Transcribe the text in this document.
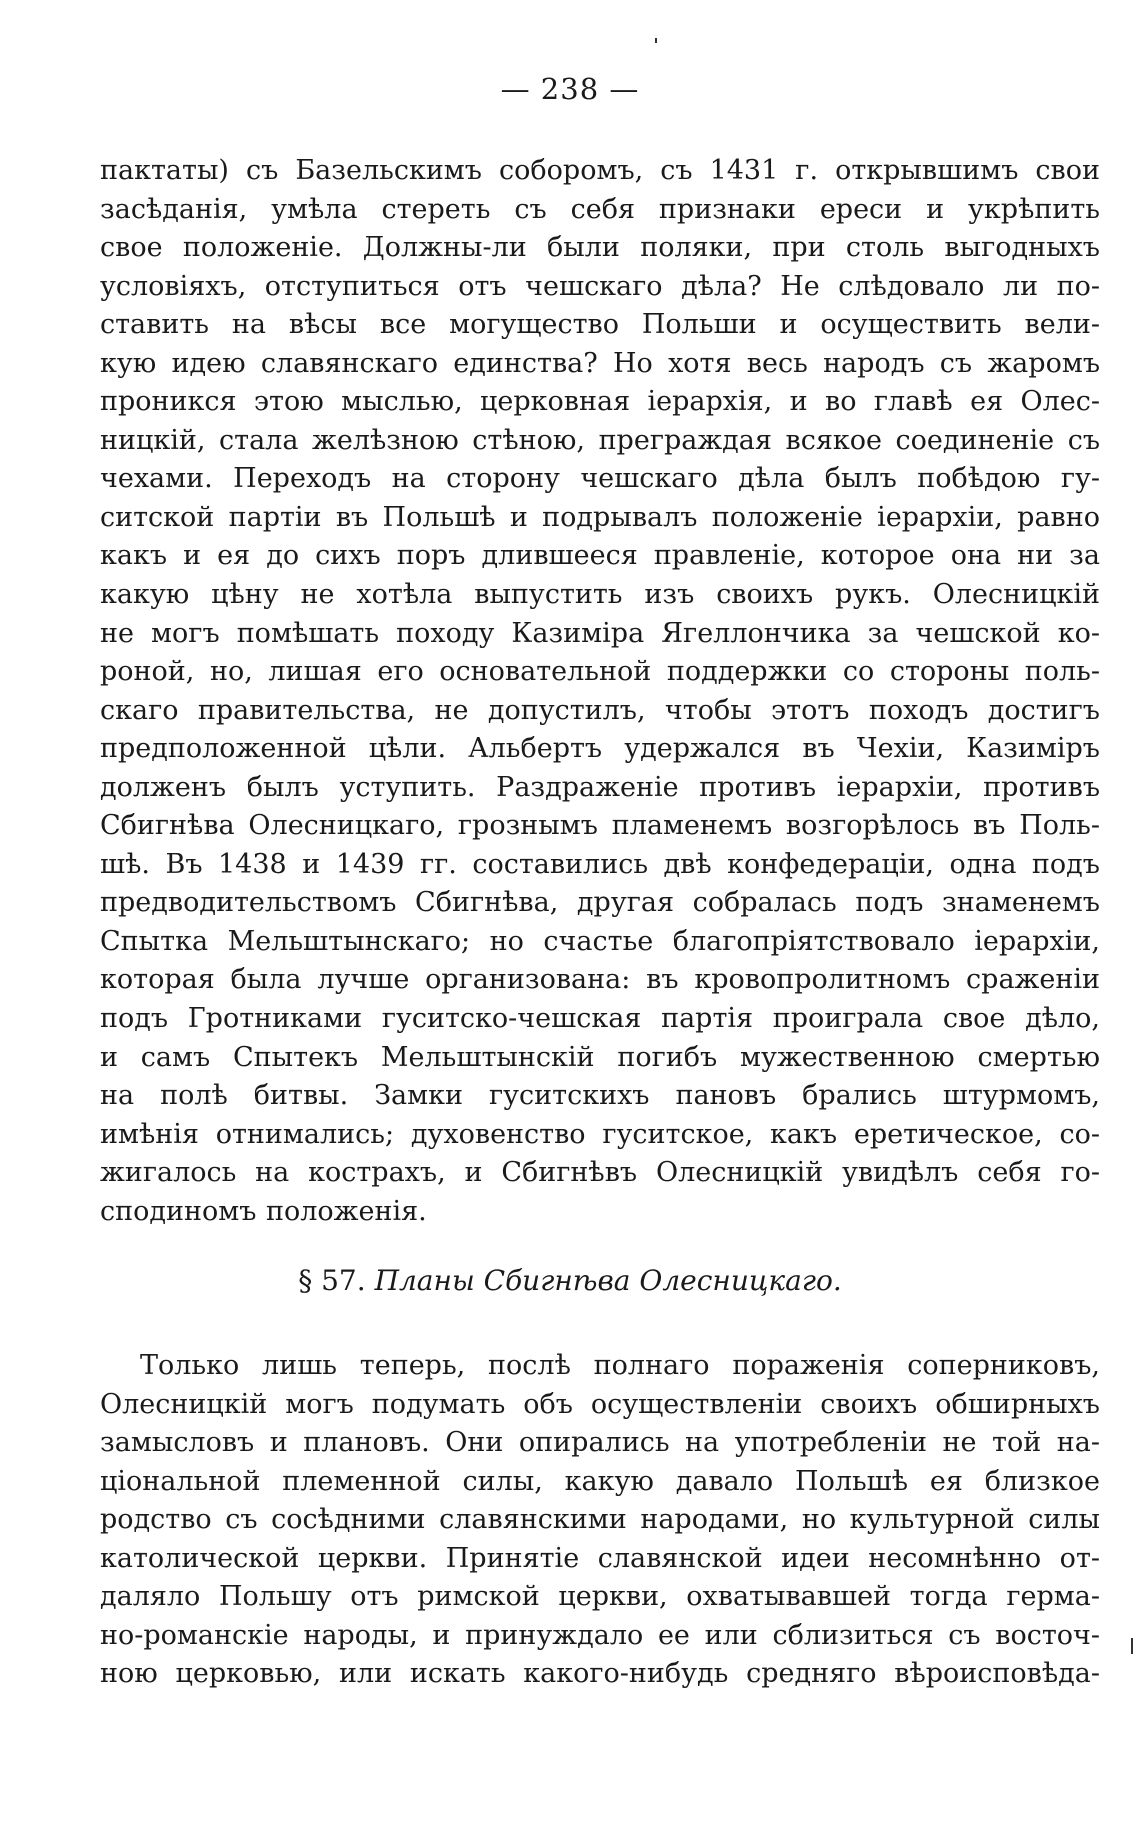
— 238 —
пактаты) съ Базельскимъ соборомъ, съ 1431 г. открывшимъ свои
засѣданія, умѣла стереть съ себя признаки ереси и укрѣпить
свое положеніе. Должны-ли были поляки, при столь выгодныхъ
условіяхъ, отступиться отъ чешскаго дѣла? Не слѣдовало ли по-
ставить на вѣсы все могущество Польши и осуществить вели-
кую идею славянскаго единства? Но хотя весь народъ съ жаромъ
проникся этою мыслью, церковная іерархія, и во главѣ ея Олес-
ницкій, стала желѣзною стѣною, преграждая всякое соединеніе съ
чехами. Переходъ на сторону чешскаго дѣла былъ побѣдою гу-
ситской партіи въ Польшѣ и подрывалъ положеніе іерархіи, равно
какъ и ея до сихъ поръ длившееся правленіе, которое она ни за
какую цѣну не хотѣла выпустить изъ своихъ рукъ. Олесницкій
не могъ помѣшать походу Казиміра Ягеллончика за чешской ко-
роной, но, лишая его основательной поддержки со стороны поль-
скаго правительства, не допустилъ, чтобы этотъ походъ достигъ
предположенной цѣли. Альбертъ удержался въ Чехіи, Казиміръ
долженъ былъ уступить. Раздраженіе противъ іерархіи, противъ
Сбигнѣва Олесницкаго, грознымъ пламенемъ возгорѣлось въ Поль-
шѣ. Въ 1438 и 1439 гг. составились двѣ конфедераціи, одна подъ
предводительствомъ Сбигнѣва, другая собралась подъ знаменемъ
Спытка Мельштынскаго; но счастье благопріятствовало іерархіи,
которая была лучше организована: въ кровопролитномъ сраженіи
подъ Гротниками гуситско-чешская партія проиграла свое дѣло,
и самъ Спытекъ Мельштынскій погибъ мужественною смертью
на полѣ битвы. Замки гуситскихъ пановъ брались штурмомъ,
имѣнія отнимались; духовенство гуситское, какъ еретическое, со-
жигалось на кострахъ, и Сбигнѣвъ Олесницкій увидѣлъ себя го-
сподиномъ положенія.
§ 57. Планы Сбигнѣва Олесницкаго.
Только лишь теперь, послѣ полнаго пораженія соперниковъ,
Олесницкій могъ подумать объ осуществленіи своихъ обширныхъ
замысловъ и плановъ. Они опирались на употребленіи не той на-
ціональной племенной силы, какую давало Польшѣ ея близкое
родство съ сосѣдними славянскими народами, но культурной силы
католической церкви. Принятіе славянской идеи несомнѣнно от-
даляло Польшу отъ римской церкви, охватывавшей тогда герма-
но-романскіе народы, и принуждало ее или сблизиться съ восточ-
ною церковью, или искать какого-нибудь средняго вѣроисповѣда-
